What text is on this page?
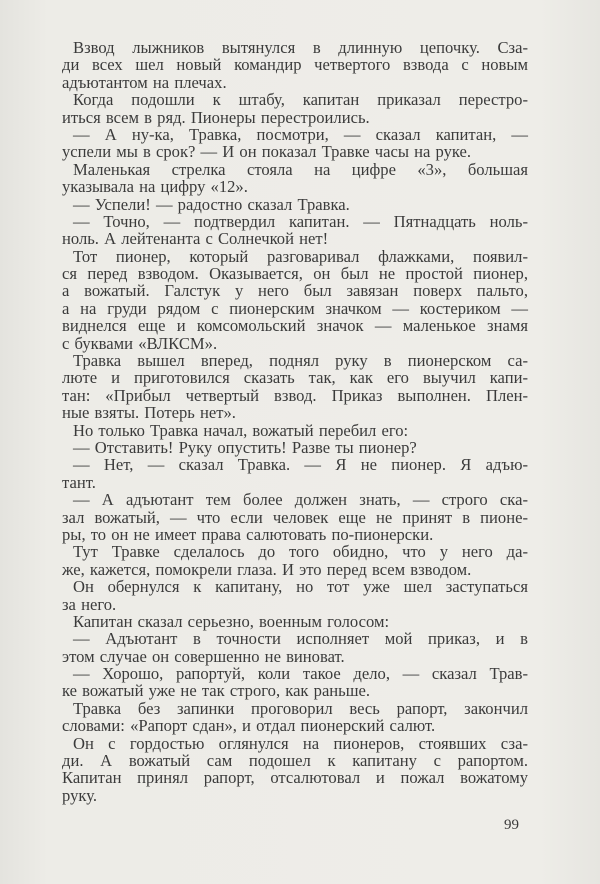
Взвод лыжников вытянулся в длинную цепочку. Сза-
ди всех шел новый командир четвертого взвода с новым
адъютантом на плечах.
Когда подошли к штабу, капитан приказал перестро-
иться всем в ряд. Пионеры перестроились.
— А ну-ка, Травка, посмотри, — сказал капитан, —
успели мы в срок? — И он показал Травке часы на руке.
Маленькая стрелка стояла на цифре «3», большая
указывала на цифру «12».
— Успели! — радостно сказал Травка.
— Точно, — подтвердил капитан. — Пятнадцать ноль-
ноль. А лейтенанта с Солнечкой нет!
Тот пионер, который разговаривал флажками, появил-
ся перед взводом. Оказывается, он был не простой пионер,
а вожатый. Галстук у него был завязан поверх пальто,
а на груди рядом с пионерским значком — костериком —
виднелся еще и комсомольский значок — маленькое знамя
с буквами «ВЛКСМ».
Травка вышел вперед, поднял руку в пионерском са-
люте и приготовился сказать так, как его выучил капи-
тан: «Прибыл четвертый взвод. Приказ выполнен. Плен-
ные взяты. Потерь нет».
Но только Травка начал, вожатый перебил его:
— Отставить! Руку опустить! Разве ты пионер?
— Нет, — сказал Травка. — Я не пионер. Я адъю-
тант.
— А адъютант тем более должен знать, — строго ска-
зал вожатый, — что если человек еще не принят в пионе-
ры, то он не имеет права салютовать по-пионерски.
Тут Травке сделалось до того обидно, что у него да-
же, кажется, помокрели глаза. И это перед всем взводом.
Он обернулся к капитану, но тот уже шел заступаться
за него.
Капитан сказал серьезно, военным голосом:
— Адъютант в точности исполняет мой приказ, и в
этом случае он совершенно не виноват.
— Хорошо, рапортуй, коли такое дело, — сказал Трав-
ке вожатый уже не так строго, как раньше.
Травка без запинки проговорил весь рапорт, закончил
словами: «Рапорт сдан», и отдал пионерский салют.
Он с гордостью оглянулся на пионеров, стоявших сза-
ди. А вожатый сам подошел к капитану с рапортом.
Капитан принял рапорт, отсалютовал и пожал вожатому
руку.
99
